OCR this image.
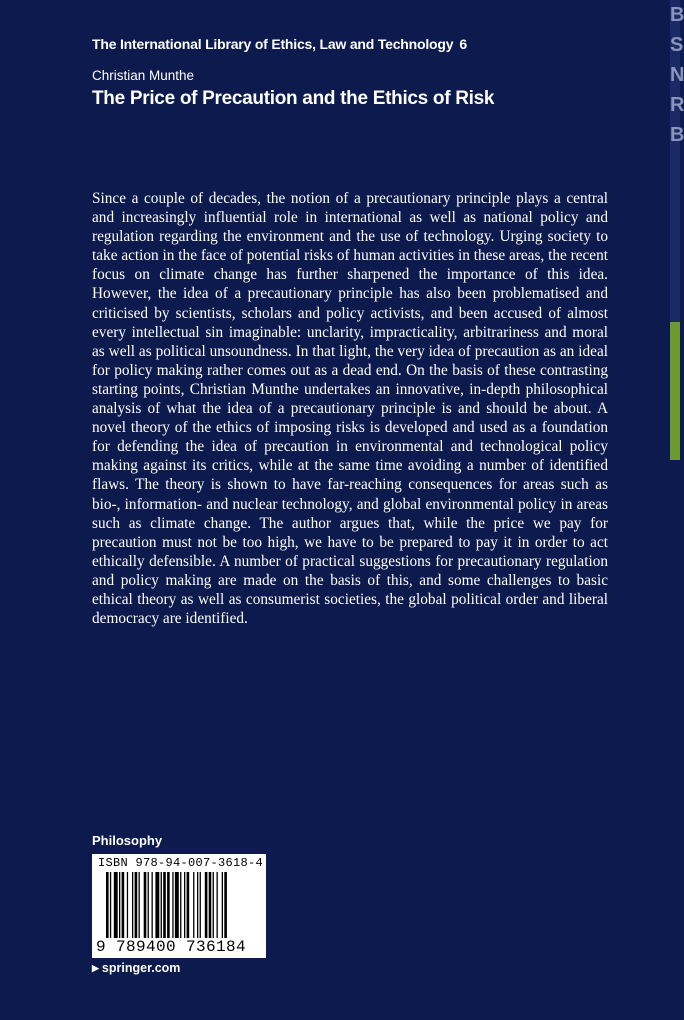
B S N R B
The International Library of Ethics, Law and Technology 6
Christian Munthe
The Price of Precaution and the Ethics of Risk
Since a couple of decades, the notion of a precautionary principle plays a central and increasingly influential role in international as well as national policy and regulation regarding the environment and the use of technology. Urging society to take action in the face of potential risks of human activities in these areas, the recent focus on climate change has further sharpened the importance of this idea. However, the idea of a precautionary principle has also been problematised and criticised by scientists, scholars and policy activists, and been accused of almost every intellectual sin imaginable: unclarity, impracticality, arbitrariness and moral as well as political unsoundness. In that light, the very idea of precaution as an ideal for policy making rather comes out as a dead end. On the basis of these contrasting starting points, Christian Munthe undertakes an innovative, in-depth philosophical analysis of what the idea of a precautionary principle is and should be about. A novel theory of the ethics of imposing risks is developed and used as a foundation for defending the idea of precaution in environmental and technological policy making against its critics, while at the same time avoiding a number of identified flaws. The theory is shown to have far-reaching consequences for areas such as bio-, information- and nuclear technology, and global environmental policy in areas such as climate change. The author argues that, while the price we pay for precaution must not be too high, we have to be prepared to pay it in order to act ethically defensible. A number of practical suggestions for precautionary regulation and policy making are made on the basis of this, and some challenges to basic ethical theory as well as consumerist societies, the global political order and liberal democracy are identified.
Philosophy
ISBN 978-94-007-3618-4
9 789400 736184
▶ springer.com
